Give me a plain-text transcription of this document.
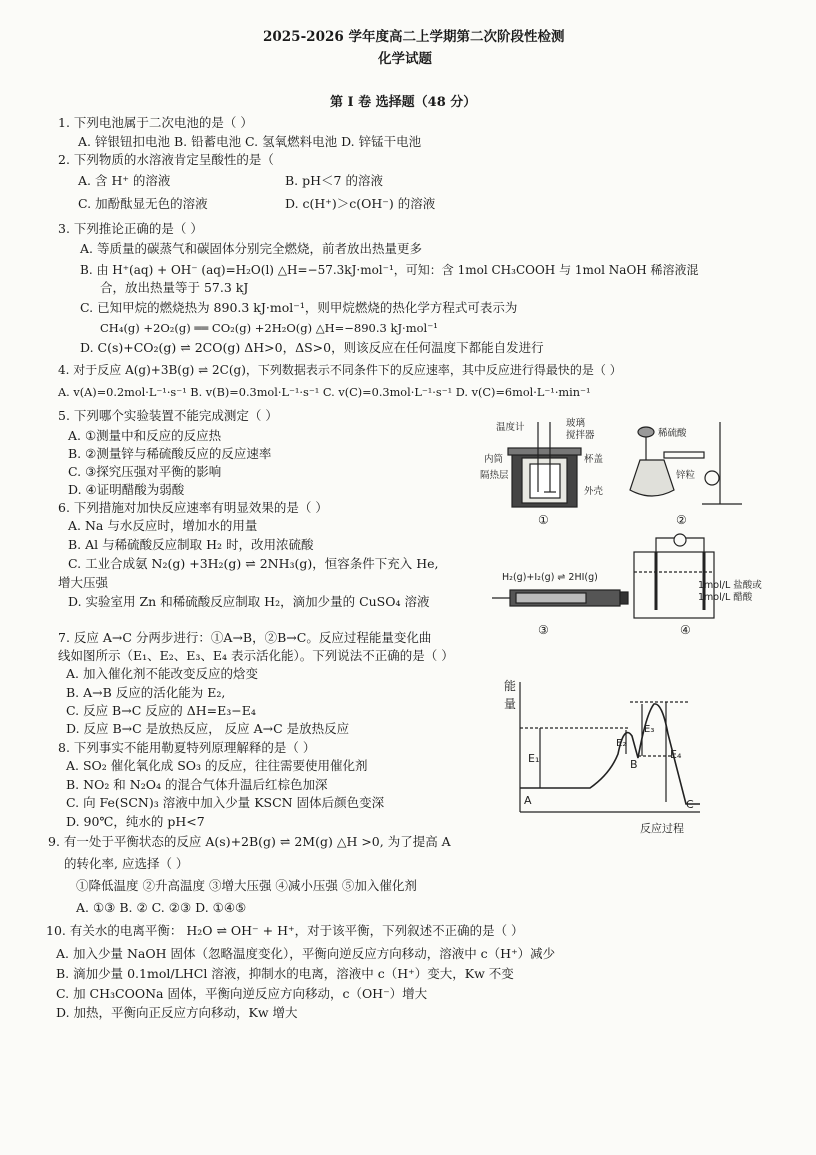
2025-2026 学年度高二上学期第二次阶段性检测
化学试题
第 I 卷 选择题（48 分）
1. 下列电池属于二次电池的是（ ）
A. 锌银钮扣电池 B. 铅蓄电池 C. 氢氧燃料电池 D. 锌锰干电池
2. 下列物质的水溶液肯定呈酸性的是（
A. 含 H⁺ 的溶液	B. pH＜7 的溶液
C. 加酚酞显无色的溶液	D. c(H⁺)＞c(OH⁻) 的溶液
3. 下列推论正确的是（ ）
A. 等质量的碳蒸气和碳固体分别完全燃烧，前者放出热量更多
B. 由 H⁺(aq) + OH⁻ (aq)=H₂O(l) △H=−57.3kJ·mol⁻¹，可知：含 1mol CH₃COOH 与 1mol NaOH 稀溶液混
合，放出热量等于 57.3 kJ
C. 已知甲烷的燃烧热为 890.3 kJ·mol⁻¹，则甲烷燃烧的热化学方程式可表示为
CH₄(g) +2O₂(g) ══ CO₂(g) +2H₂O(g) △H=−890.3 kJ·mol⁻¹
D. C(s)+CO₂(g) ⇌ 2CO(g) ΔH>0，ΔS>0，则该反应在任何温度下都能自发进行
4. 对于反应 A(g)+3B(g) ⇌ 2C(g)，下列数据表示不同条件下的反应速率，其中反应进行得最快的是（ ）
A. v(A)=0.2mol·L⁻¹·s⁻¹ B. v(B)=0.3mol·L⁻¹·s⁻¹ C. v(C)=0.3mol·L⁻¹·s⁻¹ D. v(C)=6mol·L⁻¹·min⁻¹
5. 下列哪个实验装置不能完成测定（ ）
A. ①测量中和反应的反应热
B. ②测量锌与稀硫酸反应的反应速率
C. ③探究压强对平衡的影响
D. ④证明醋酸为弱酸
6. 下列措施对加快反应速率有明显效果的是（ ）
A. Na 与水反应时，增加水的用量
B. Al 与稀硫酸反应制取 H₂ 时，改用浓硫酸
C. 工业合成氨 N₂(g) +3H₂(g) ⇌ 2NH₃(g)，恒容条件下充入 He,
增大压强
D. 实验室用 Zn 和稀硫酸反应制取 H₂，滴加少量的 CuSO₄ 溶液
7. 反应 A→C 分两步进行：①A→B，②B→C。反应过程能量变化曲
线如图所示（E₁、E₂、E₃、E₄ 表示活化能）。下列说法不正确的是（ ）
A. 加入催化剂不能改变反应的焓变
B. A→B 反应的活化能为 E₂,
C. 反应 B→C 反应的 ΔH=E₃−E₄
D. 反应 B→C 是放热反应， 反应 A→C 是放热反应
8. 下列事实不能用勒夏特列原理解释的是（ ）
A. SO₂ 催化氧化成 SO₃ 的反应，往往需要使用催化剂
B. NO₂ 和 N₂O₄ 的混合气体升温后红棕色加深
C. 向 Fe(SCN)₃ 溶液中加入少量 KSCN 固体后颜色变深
D. 90℃，纯水的 pH<7
9. 有一处于平衡状态的反应 A(s)+2B(g) ⇌ 2M(g) △H >0, 为了提高 A
的转化率, 应选择（ ）
①降低温度 ②升高温度 ③增大压强 ④减小压强 ⑤加入催化剂
A. ①③ B. ② C. ②③ D. ①④⑤
10. 有关水的电离平衡： H₂O ⇌ OH⁻ + H⁺，对于该平衡，下列叙述不正确的是（ ）
A. 加入少量 NaOH 固体（忽略温度变化），平衡向逆反应方向移动，溶液中 c（H⁺）减少
B. 滴加少量 0.1mol/LHCl 溶液，抑制水的电离，溶液中 c（H⁺）变大，Kw 不变
C. 加 CH₃COONa 固体，平衡向逆反应方向移动，c（OH⁻）增大
D. 加热，平衡向正反应方向移动，Kw 增大
温度计	玻璃
搅拌器
内筒	杯盖
隔热层
外壳
①
稀硫酸
锌粒
②
H₂(g)+I₂(g) ⇌ 2HI(g)
③
1mol/L 盐酸或
1mol/L 醋酸
④
能
量
A
B
C
E₁
E₂
E₃
E₄
反应过程
